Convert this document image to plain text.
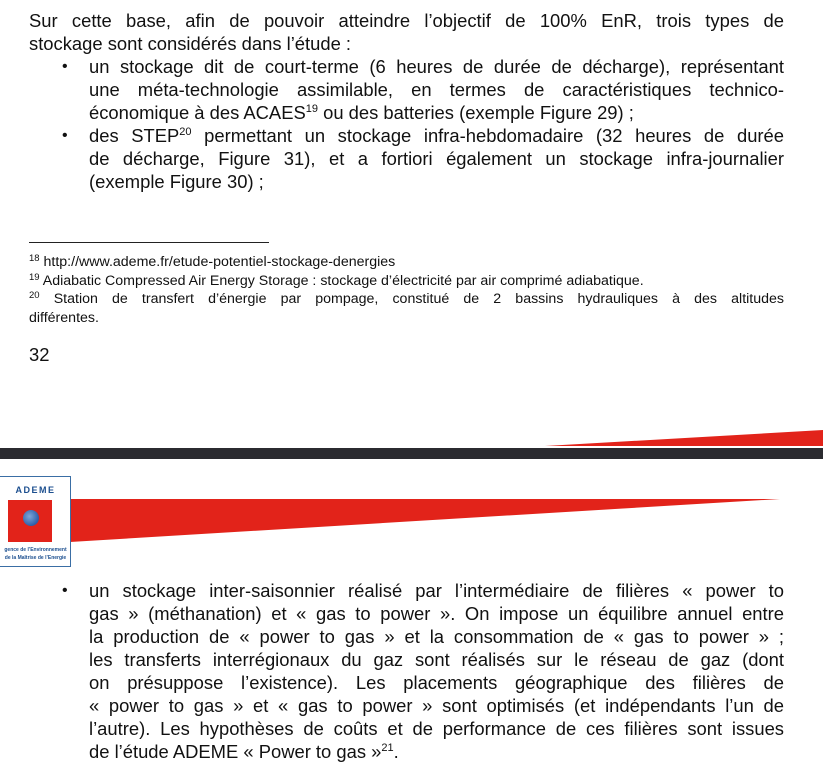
Sur cette base, afin de pouvoir atteindre l’objectif de 100% EnR, trois types de
stockage sont considérés dans l’étude :
• un stockage dit de court-terme (6 heures de durée de décharge), représentant
une méta-technologie assimilable, en termes de caractéristiques technico-
économique à des ACAES$^{19}$ ou des batteries (exemple Figure 29) ;
• des STEP$^{20}$ permettant un stockage infra-hebdomadaire (32 heures de durée
de décharge, Figure 31), et a fortiori également un stockage infra-journalier
(exemple Figure 30) ;
$^{18}$ http://www.ademe.fr/etude-potentiel-stockage-denergies
$^{19}$ Adiabatic Compressed Air Energy Storage : stockage d’électricité par air comprimé adiabatique.
$^{20}$ Station de transfert d’énergie par pompage, constitué de 2 bassins hydrauliques à des altitudes
différentes.
32
ADEME
gence de l’Environnement
de la Maîtrise de l’Energie
• un stockage inter-saisonnier réalisé par l’intermédiaire de filières « power to
gas » (méthanation) et « gas to power ». On impose un équilibre annuel entre
la production de « power to gas » et la consommation de « gas to power » ;
les transferts interrégionaux du gaz sont réalisés sur le réseau de gaz (dont
on présuppose l’existence). Les placements géographique des filières de
« power to gas » et « gas to power » sont optimisés (et indépendants l’un de
l’autre). Les hypothèses de coûts et de performance de ces filières sont issues
de l’étude ADEME « Power to gas »$^{21}$.
